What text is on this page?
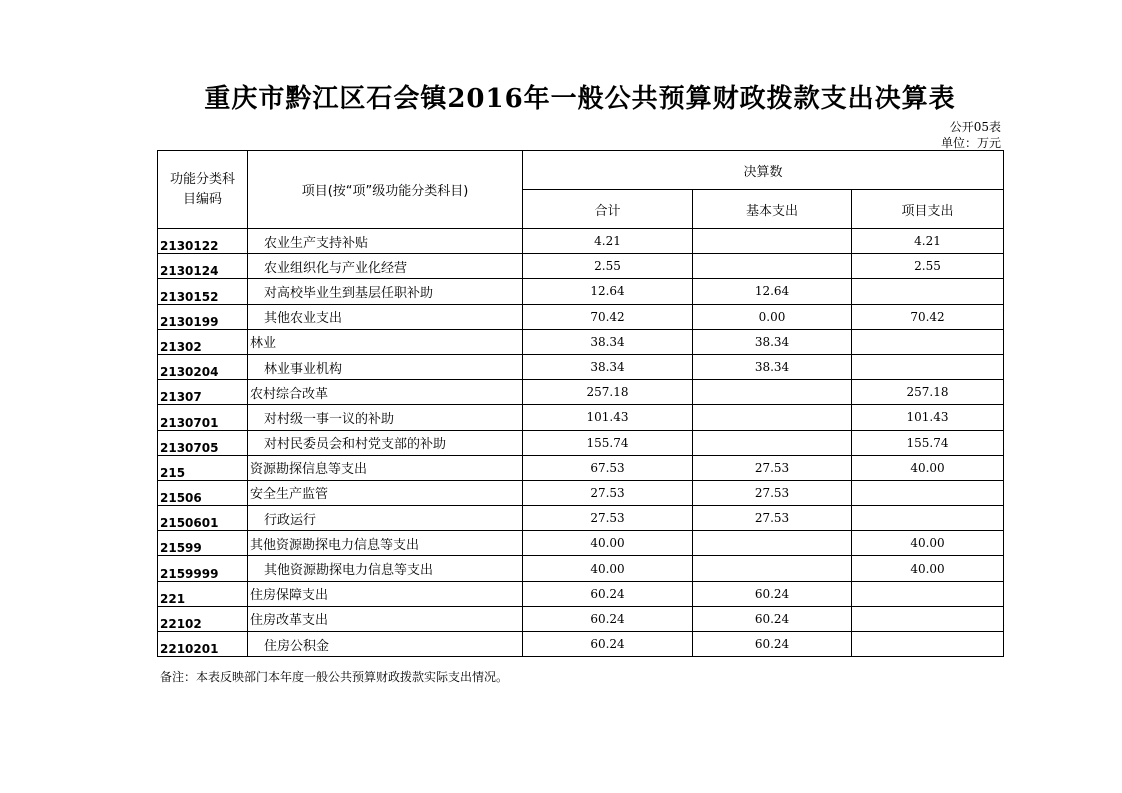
重庆市黔江区石会镇2016年一般公共预算财政拨款支出决算表
公开05表
单位：万元
功能分类科
目编码	项目(按“项”级功能分类科目)	决算数		
		合计	基本支出	项目支出
2130122	农业生产支持补贴	4.21		4.21
2130124	农业组织化与产业化经营	2.55		2.55
2130152	对高校毕业生到基层任职补助	12.64	12.64	
2130199	其他农业支出	70.42	0.00	70.42
21302	林业	38.34	38.34	
2130204	林业事业机构	38.34	38.34	
21307	农村综合改革	257.18		257.18
2130701	对村级一事一议的补助	101.43		101.43
2130705	对村民委员会和村党支部的补助	155.74		155.74
215	资源勘探信息等支出	67.53	27.53	40.00
21506	安全生产监管	27.53	27.53	
2150601	行政运行	27.53	27.53	
21599	其他资源勘探电力信息等支出	40.00		40.00
2159999	其他资源勘探电力信息等支出	40.00		40.00
221	住房保障支出	60.24	60.24	
22102	住房改革支出	60.24	60.24	
2210201	住房公积金	60.24	60.24	
备注：本表反映部门本年度一般公共预算财政拨款实际支出情况。
